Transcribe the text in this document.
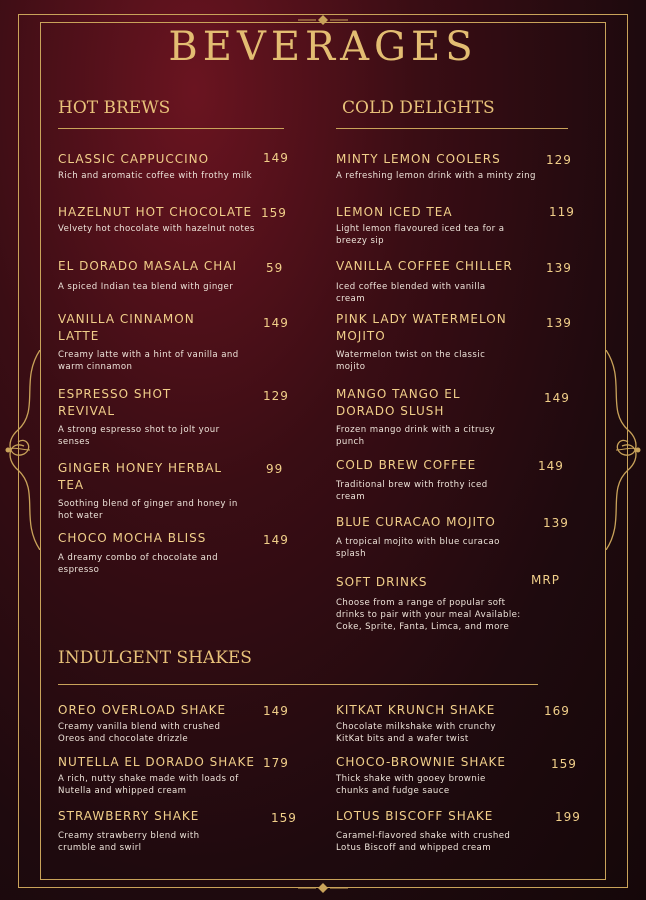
BEVERAGES
HOT BREWS	COLD DELIGHTS
CLASSIC CAPPUCCINO
Rich and aromatic coffee with frothy milk
149
HAZELNUT HOT CHOCOLATE
Velvety hot chocolate with hazelnut notes
159
EL DORADO MASALA CHAI
A spiced Indian tea blend with ginger
59
VANILLA CINNAMON LATTE
Creamy latte with a hint of vanilla and warm cinnamon
149
ESPRESSO SHOT REVIVAL
A strong espresso shot to jolt your senses
129
GINGER HONEY HERBAL TEA
Soothing blend of ginger and honey in hot water
99
CHOCO MOCHA BLISS
A dreamy combo of chocolate and espresso
149
MINTY LEMON COOLERS
A refreshing lemon drink with a minty zing
129
LEMON ICED TEA
Light lemon flavoured iced tea for a breezy sip
119
VANILLA COFFEE CHILLER
Iced coffee blended with vanilla cream
139
PINK LADY WATERMELON MOJITO
Watermelon twist on the classic mojito
139
MANGO TANGO EL DORADO SLUSH
Frozen mango drink with a citrusy punch
149
COLD BREW COFFEE
Traditional brew with frothy iced cream
149
BLUE CURACAO MOJITO
A tropical mojito with blue curacao splash
139
SOFT DRINKS
Choose from a range of popular soft drinks to pair with your meal Available: Coke, Sprite, Fanta, Limca, and more
MRP
INDULGENT SHAKES
OREO OVERLOAD SHAKE
Creamy vanilla blend with crushed Oreos and chocolate drizzle
149
NUTELLA EL DORADO SHAKE
A rich, nutty shake made with loads of Nutella and whipped cream
179
STRAWBERRY SHAKE
Creamy strawberry blend with crumble and swirl
159
KITKAT KRUNCH SHAKE
Chocolate milkshake with crunchy KitKat bits and a wafer twist
169
CHOCO-BROWNIE SHAKE
Thick shake with gooey brownie chunks and fudge sauce
159
LOTUS BISCOFF SHAKE
Caramel-flavored shake with crushed Lotus Biscoff and whipped cream
199
